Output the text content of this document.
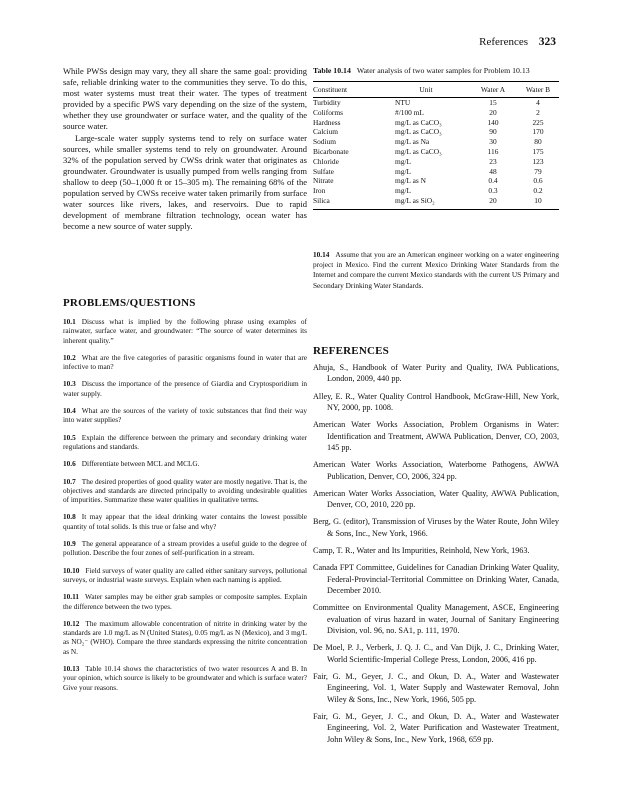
References 323

While PWSs design may vary, they all share the same goal: providing safe, reliable drinking water to the communities they serve. To do this, most water systems must treat their water. The types of treatment provided by a specific PWS vary depending on the size of the system, whether they use groundwater or surface water, and the quality of the source water.

Large-scale water supply systems tend to rely on surface water sources, while smaller systems tend to rely on groundwater. Around 32% of the population served by CWSs drink water that originates as groundwater. Groundwater is usually pumped from wells ranging from shallow to deep (50–1,000 ft or 15–305 m). The remaining 68% of the population served by CWSs receive water taken primarily from surface water sources like rivers, lakes, and reservoirs. Due to rapid development of membrane filtration technology, ocean water has become a new source of water supply.

PROBLEMS/QUESTIONS

10.1 Discuss what is implied by the following phrase using examples of rainwater, surface water, and groundwater: “The source of water determines its inherent quality.”

10.2 What are the five categories of parasitic organisms found in water that are infective to man?

10.3 Discuss the importance of the presence of Giardia and Cryptosporidium in water supply.

10.4 What are the sources of the variety of toxic substances that find their way into water supplies?

10.5 Explain the difference between the primary and secondary drinking water regulations and standards.

10.6 Differentiate between MCL and MCLG.

10.7 The desired properties of good quality water are mostly negative. That is, the objectives and standards are directed principally to avoiding undesirable qualities of impurities. Summarize these water qualities in qualitative terms.

10.8 It may appear that the ideal drinking water contains the lowest possible quantity of total solids. Is this true or false and why?

10.9 The general appearance of a stream provides a useful guide to the degree of pollution. Describe the four zones of self-purification in a stream.

10.10 Field surveys of water quality are called either sanitary surveys, pollutional surveys, or industrial waste surveys. Explain when each naming is applied.

10.11 Water samples may be either grab samples or composite samples. Explain the difference between the two types.

10.12 The maximum allowable concentration of nitrite in drinking water by the standards are 1.0 mg/L as N (United States), 0.05 mg/L as N (Mexico), and 3 mg/L as NO₂⁻ (WHO). Compare the three standards expressing the nitrite concentration as N.

10.13 Table 10.14 shows the characteristics of two water resources A and B. In your opinion, which source is likely to be groundwater and which is surface water? Give your reasons.

Table 10.14 Water analysis of two water samples for Problem 10.13

Constituent	Unit	Water A	Water B
Turbidity	NTU	15	4
Coliforms	#/100 mL	20	2
Hardness	mg/L as CaCO₃	140	225
Calcium	mg/L as CaCO₃	90	170
Sodium	mg/L as Na	30	80
Bicarbonate	mg/L as CaCO₃	116	175
Chloride	mg/L	23	123
Sulfate	mg/L	48	79
Nitrate	mg/L as N	0.4	0.6
Iron	mg/L	0.3	0.2
Silica	mg/L as SiO₂	20	10

10.14 Assume that you are an American engineer working on a water engineering project in Mexico. Find the current Mexico Drinking Water Standards from the Internet and compare the current Mexico standards with the current US Primary and Secondary Drinking Water Standards.

REFERENCES

Ahuja, S., Handbook of Water Purity and Quality, IWA Publications, London, 2009, 440 pp.

Alley, E. R., Water Quality Control Handbook, McGraw-Hill, New York, NY, 2000, pp. 1008.

American Water Works Association, Problem Organisms in Water: Identification and Treatment, AWWA Publication, Denver, CO, 2003, 145 pp.

American Water Works Association, Waterborne Pathogens, AWWA Publication, Denver, CO, 2006, 324 pp.

American Water Works Association, Water Quality, AWWA Publication, Denver, CO, 2010, 220 pp.

Berg, G. (editor), Transmission of Viruses by the Water Route, John Wiley & Sons, Inc., New York, 1966.

Camp, T. R., Water and Its Impurities, Reinhold, New York, 1963.

Canada FPT Committee, Guidelines for Canadian Drinking Water Quality, Federal-Provincial-Territorial Committee on Drinking Water, Canada, December 2010.

Committee on Environmental Quality Management, ASCE, Engineering evaluation of virus hazard in water, Journal of Sanitary Engineering Division, vol. 96, no. SA1, p. 111, 1970.

De Moel, P. J., Verberk, J. Q. J. C., and Van Dijk, J. C., Drinking Water, World Scientific-Imperial College Press, London, 2006, 416 pp.

Fair, G. M., Geyer, J. C., and Okun, D. A., Water and Wastewater Engineering, Vol. 1, Water Supply and Wastewater Removal, John Wiley & Sons, Inc., New York, 1966, 505 pp.

Fair, G. M., Geyer, J. C., and Okun, D. A., Water and Wastewater Engineering, Vol. 2, Water Purification and Wastewater Treatment, John Wiley & Sons, Inc., New York, 1968, 659 pp.
